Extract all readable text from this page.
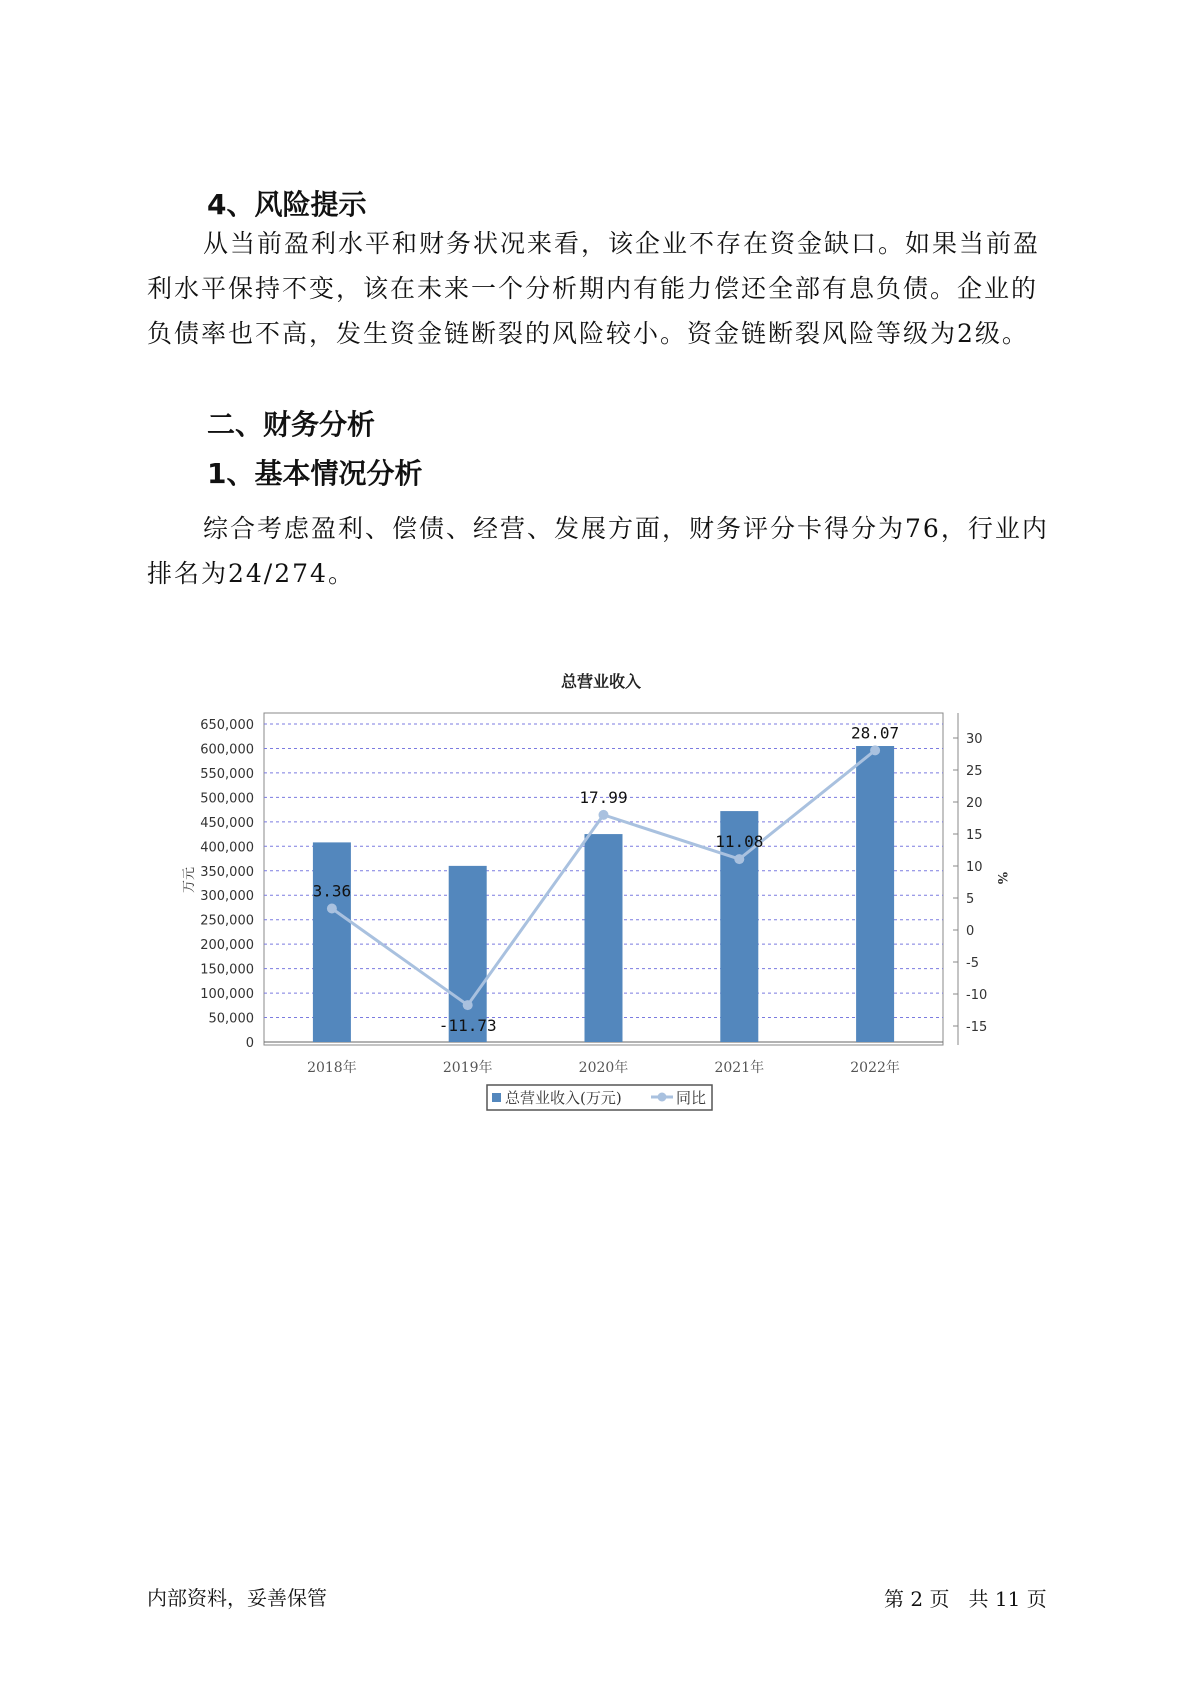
4、风险提示

从当前盈利水平和财务状况来看，该企业不存在资金缺口。如果当前盈利水平保持不变，该在未来一个分析期内有能力偿还全部有息负债。企业的负债率也不高，发生资金链断裂的风险较小。资金链断裂风险等级为2级。

二、财务分析
1、基本情况分析

综合考虑盈利、偿债、经营、发展方面，财务评分卡得分为76，行业内排名为24/274。

总营业收入
0
50,000
100,000
150,000
200,000
250,000
300,000
350,000
400,000
450,000
500,000
550,000
600,000
650,000
-15
-10
-5
0
5
10
15
20
25
30
3.36
-11.73
17.99
11.08
28.07
2018年	2019年	2020年	2021年	2022年
万元	%
总营业收入(万元)	同比
内部资料，妥善保管	第 2 页   共 11 页
